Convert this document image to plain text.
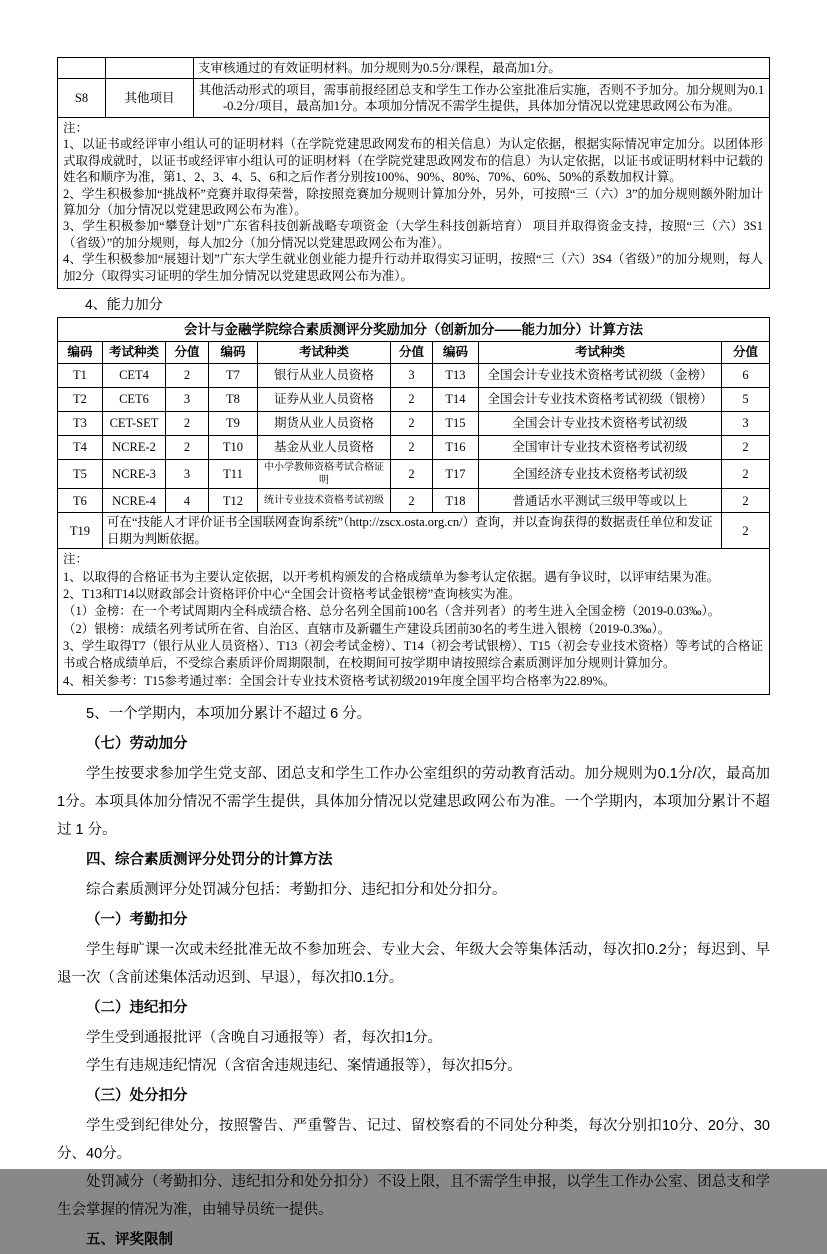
		支审核通过的有效证明材料。加分规则为0.5分/课程，最高加1分。
S8	其他项目	其他活动形式的项目，需事前报经团总支和学生工作办公室批准后实施，否则不予加分。加分规则为0.1-0.2分/项目，最高加1分。本项加分情况不需学生提供，具体加分情况以党建思政网公布为准。

注：
1、以证书或经评审小组认可的证明材料（在学院党建思政网发布的相关信息）为认定依据，根据实际情况审定加分。以团体形式取得成就时，以证书或经评审小组认可的证明材料（在学院党建思政网发布的信息）为认定依据，以证书或证明材料中记载的姓名和顺序为准，第1、2、3、4、5、6和之后作者分别按100%、90%、80%、70%、60%、50%的系数加权计算。
2、学生积极参加“挑战杯”竞赛并取得荣誉，除按照竞赛加分规则计算加分外，另外，可按照“三（六）3”的加分规则额外附加计算加分（加分情况以党建思政网公布为准）。
3、学生积极参加“攀登计划”广东省科技创新战略专项资金（大学生科技创新培育） 项目并取得资金支持，按照“三（六）3S1（省级）”的加分规则，每人加2分（加分情况以党建思政网公布为准）。
4、学生积极参加“展翅计划”广东大学生就业创业能力提升行动并取得实习证明，按照“三（六）3S4（省级）”的加分规则，每人加2分（取得实习证明的学生加分情况以党建思政网公布为准）。		
4、能力加分
会计与金融学院综合素质测评分奖励加分（创新加分——能力加分）计算方法								
编码	考试种类	分值	编码	考试种类	分值	编码	考试种类	分值
T1	CET4	2	T7	银行从业人员资格	3	T13	全国会计专业技术资格考试初级（金榜）	6
T2	CET6	3	T8	证券从业人员资格	2	T14	全国会计专业技术资格考试初级（银榜）	5
T3	CET-SET	2	T9	期货从业人员资格	2	T15	全国会计专业技术资格考试初级	3
T4	NCRE-2	2	T10	基金从业人员资格	2	T16	全国审计专业技术资格考试初级	2
T5	NCRE-3	3	T11	中小学教师资格考试合格证明	2	T17	全国经济专业技术资格考试初级	2
T6	NCRE-4	4	T12	统计专业技术资格考试初级	2	T18	普通话水平测试三级甲等或以上	2
T19	可在“技能人才评价证书全国联网查询系统”（http://zscx.osta.org.cn/）查询，并以查询获得的数据责任单位和发证日期为判断依据。							2

注：
1、以取得的合格证书为主要认定依据，以开考机构颁发的合格成绩单为参考认定依据。遇有争议时，以评审结果为准。
2、T13和T14以财政部会计资格评价中心“全国会计资格考试金银榜”查询核实为准。
（1）金榜：在一个考试周期内全科成绩合格、总分名列全国前100名（含并列者）的考生进入全国金榜（2019-0.03‰）。
（2）银榜：成绩名列考试所在省、自治区、直辖市及新疆生产建设兵团前30名的考生进入银榜（2019-0.3‰）。
3、学生取得T7（银行从业人员资格）、T13（初会考试金榜）、T14（初会考试银榜）、T15（初会专业技术资格）等考试的合格证书或合格成绩单后，不受综合素质评价周期限制，在校期间可按学期申请按照综合素质测评加分规则计算加分。
4、相关参考：T15参考通过率：全国会计专业技术资格考试初级2019年度全国平均合格率为22.89%。
5、一个学期内，本项加分累计不超过 6 分。
（七）劳动加分

学生按要求参加学生党支部、团总支和学生工作办公室组织的劳动教育活动。加分规则为0.1分/次，最高加1分。本项具体加分情况不需学生提供，具体加分情况以党建思政网公布为准。一个学期内，本项加分累计不超过 1 分。

四、综合素质测评分处罚分的计算方法

综合素质测评分处罚减分包括：考勤扣分、违纪扣分和处分扣分。

（一）考勤扣分

学生每旷课一次或未经批准无故不参加班会、专业大会、年级大会等集体活动，每次扣0.2分；每迟到、早退一次（含前述集体活动迟到、早退），每次扣0.1分。

（二）违纪扣分

学生受到通报批评（含晚自习通报等）者，每次扣1分。

学生有违规违纪情况（含宿舍违规违纪、案情通报等），每次扣5分。

（三）处分扣分

学生受到纪律处分，按照警告、严重警告、记过、留校察看的不同处分种类，每次分别扣10分、20分、30分、40分。

处罚减分（考勤扣分、违纪扣分和处分扣分）不设上限，且不需学生申报，以学生工作办公室、团总支和学生会掌握的情况为准，由辅导员统一提供。

五、评奖限制
